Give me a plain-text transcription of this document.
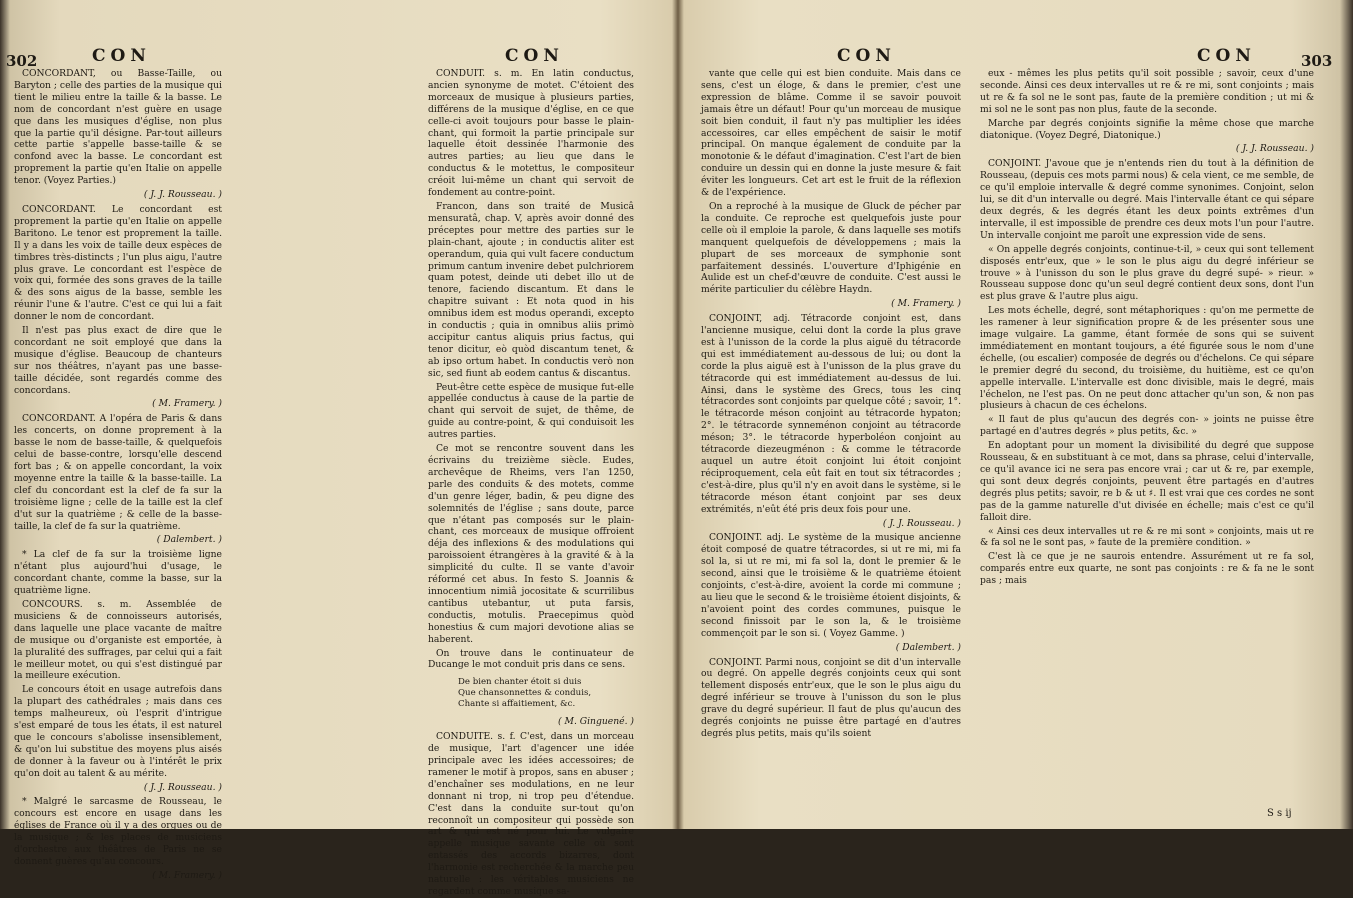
302	CON	CON

CONCORDANT, ou Basse-Taille, ou Baryton ; celle des parties de la musique qui tient le milieu entre la taille & la basse. Le nom de concordant n'est guère en usage que dans les musiques d'église, non plus que la partie qu'il désigne. Par-tout ailleurs cette partie s'appelle basse-taille & se confond avec la basse. Le concordant est proprement la partie qu'en Italie on appelle tenor. (Voyez Parties.)

( J. J. Rousseau. )

CONCORDANT. Le concordant est proprement la partie qu'en Italie on appelle Baritono. Le tenor est proprement la taille. Il y a dans les voix de taille deux espèces de timbres très-distincts ; l'un plus aigu, l'autre plus grave. Le concordant est l'espèce de voix qui, formée des sons graves de la taille & des sons aigus de la basse, semble les réunir l'une & l'autre. C'est ce qui lui a fait donner le nom de concordant.

Il n'est pas plus exact de dire que le concordant ne soit employé que dans la musique d'église. Beaucoup de chanteurs sur nos théâtres, n'ayant pas une basse-taille décidée, sont regardés comme des concordans.

( M. Framery. )

CONCORDANT. A l'opéra de Paris & dans les concerts, on donne proprement à la basse le nom de basse-taille, & quelquefois celui de basse-contre, lorsqu'elle descend fort bas ; & on appelle concordant, la voix moyenne entre la taille & la basse-taille. La clef du concordant est la clef de fa sur la troisième ligne ; celle de la taille est la clef d'ut sur la quatrième ; & celle de la basse-taille, la clef de fa sur la quatrième.

( Dalembert. )

* La clef de fa sur la troisième ligne n'étant plus aujourd'hui d'usage, le concordant chante, comme la basse, sur la quatrième ligne.

CONCOURS. s. m. Assemblée de musiciens & de connoisseurs autorisés, dans laquelle une place vacante de maître de musique ou d'organiste est emportée, à la pluralité des suffrages, par celui qui a fait le meilleur motet, ou qui s'est distingué par la meilleure exécution.

Le concours étoit en usage autrefois dans la plupart des cathédrales ; mais dans ces temps malheureux, où l'esprit d'intrigue s'est emparé de tous les états, il est naturel que le concours s'abolisse insensiblement, & qu'on lui substitue des moyens plus aisés de donner à la faveur ou à l'intérêt le prix qu'on doit au talent & au mérite.

( J. J. Rousseau. )

* Malgré le sarcasme de Rousseau, le concours est encore en usage dans les églises de France où il y a des orgues ou de la musique ; & les places de musiciens d'orchestre aux théâtres de Paris ne se donnent guères qu'au concours.

( M. Framery. )

CONDUIT. s. m. En latin conductus, ancien synonyme de motet. C'étoient des morceaux de musique à plusieurs parties, différens de la musique d'église, en ce que celle-ci avoit toujours pour basse le plain-chant, qui formoit la partie principale sur laquelle étoit dessinée l'harmonie des autres parties; au lieu que dans le conductus & le motettus, le compositeur créoit lui-même un chant qui servoit de fondement au contre-point.

Francon, dans son traité de Musicâ mensuratâ, chap. V, après avoir donné des préceptes pour mettre des parties sur le plain-chant, ajoute ; in conductis aliter est operandum, quia qui vult facere conductum primum cantum invenire debet pulchriorem quam potest, deinde uti debet illo ut de tenore, faciendo discantum. Et dans le chapitre suivant : Et nota quod in his omnibus idem est modus operandi, excepto in conductis ; quia in omnibus aliis primò accipitur cantus aliquis prius factus, qui tenor dicitur, eò quòd discantum tenet, & ab ipso ortum habet. In conductis verò non sic, sed fiunt ab eodem cantus & discantus.

Peut-être cette espèce de musique fut-elle appellée conductus à cause de la partie de chant qui servoit de sujet, de thême, de guide au contre-point, & qui conduisoit les autres parties.

Ce mot se rencontre souvent dans les écrivains du treizième siècle. Eudes, archevêque de Rheims, vers l'an 1250, parle des conduits & des motets, comme d'un genre léger, badin, & peu digne des solemnités de l'église ; sans doute, parce que n'étant pas composés sur le plain-chant, ces morceaux de musique offroient déja des inflexions & des modulations qui paroissoient étrangères à la gravité & à la simplicité du culte. Il se vante d'avoir réformé cet abus. In festo S. Joannis & innocentium nimiâ jocositate & scurrilibus cantibus utebantur, ut puta farsis, conductis, motulis. Praecepimus quòd honestius & cum majori devotione alias se haberent.

On trouve dans le continuateur de Ducange le mot conduit pris dans ce sens.

De bien chanter étoit si duis
Que chansonnettes & conduis,
Chante si affaitiement, &c.

( M. Ginguené. )

CONDUITE. s. f. C'est, dans un morceau de musique, l'art d'agencer une idée principale avec les idées accessoires; de ramener le motif à propos, sans en abuser ; d'enchaîner ses modulations, en ne leur donnant ni trop, ni trop peu d'étendue. C'est dans la conduite sur-tout qu'on reconnoît un compositeur qui possède son art & qui est né pour lui. Le vulgaire appelle musique savante celle où sont entassés des accords bizarres, dont l'harmonie est recherchée & la marche peu naturelle : les véritables musiciens ne regardent comme musique sa-

CON	CON	303

vante que celle qui est bien conduite. Mais dans ce sens, c'est un éloge, & dans le premier, c'est une expression de blâme. Comme il se savoir pouvoit jamais être un défaut! Pour qu'un morceau de musique soit bien conduit, il faut n'y pas multiplier les idées accessoires, car elles empêchent de saisir le motif principal. On manque également de conduite par la monotonie & le défaut d'imagination. C'est l'art de bien conduire un dessin qui en donne la juste mesure & fait éviter les longueurs. Cet art est le fruit de la réflexion & de l'expérience.

On a reproché à la musique de Gluck de pécher par la conduite. Ce reproche est quelquefois juste pour celle où il emploie la parole, & dans laquelle ses motifs manquent quelquefois de développemens ; mais la plupart de ses morceaux de symphonie sont parfaitement dessinés. L'ouverture d'Iphigénie en Aulide est un chef-d'œuvre de conduite. C'est aussi le mérite particulier du célèbre Haydn.

( M. Framery. )

CONJOINT, adj. Tétracorde conjoint est, dans l'ancienne musique, celui dont la corde la plus grave est à l'unisson de la corde la plus aiguë du tétracorde qui est immédiatement au-dessous de lui; ou dont la corde la plus aiguë est à l'unisson de la plus grave du tétracorde qui est immédiatement au-dessus de lui. Ainsi, dans le système des Grecs, tous les cinq tétracordes sont conjoints par quelque côté ; savoir, 1°. le tétracorde méson conjoint au tétracorde hypaton; 2°. le tétracorde synneménon conjoint au tétracorde méson; 3°. le tétracorde hyperboléon conjoint au tétracorde diezeugménon : & comme le tétracorde auquel un autre étoit conjoint lui étoit conjoint réciproquement, cela eût fait en tout six tétracordes ; c'est-à-dire, plus qu'il n'y en avoit dans le système, si le tétracorde méson étant conjoint par ses deux extrémités, n'eût été pris deux fois pour une.

( J. J. Rousseau. )

CONJOINT. adj. Le système de la musique ancienne étoit composé de quatre tétracordes, si ut re mi, mi fa sol la, si ut re mi, mi fa sol la, dont le premier & le second, ainsi que le troisième & le quatrième étoient conjoints, c'est-à-dire, avoient la corde mi commune ; au lieu que le second & le troisième étoient disjoints, & n'avoient point des cordes communes, puisque le second finissoit par le son la, & le troisième commençoit par le son si. ( Voyez Gamme. )

( Dalembert. )

CONJOINT. Parmi nous, conjoint se dit d'un intervalle ou degré. On appelle degrés conjoints ceux qui sont tellement disposés entr'eux, que le son le plus aigu du degré inférieur se trouve à l'unisson du son le plus grave du degré supérieur. Il faut de plus qu'aucun des degrés conjoints ne puisse être partagé en d'autres degrés plus petits, mais qu'ils soient

eux - mêmes les plus petits qu'il soit possible ; savoir, ceux d'une seconde. Ainsi ces deux intervalles ut re & re mi, sont conjoints ; mais ut re & fa sol ne le sont pas, faute de la première condition ; ut mi & mi sol ne le sont pas non plus, faute de la seconde.

Marche par degrés conjoints signifie la même chose que marche diatonique. (Voyez Degré, Diatonique.)

( J. J. Rousseau. )

CONJOINT. J'avoue que je n'entends rien du tout à la définition de Rousseau, (depuis ces mots parmi nous) & cela vient, ce me semble, de ce qu'il emploie intervalle & degré comme synonimes. Conjoint, selon lui, se dit d'un intervalle ou degré. Mais l'intervalle étant ce qui sépare deux degrés, & les degrés étant les deux points extrêmes d'un intervalle, il est impossible de prendre ces deux mots l'un pour l'autre. Un intervalle conjoint me paroît une expression vide de sens.

« On appelle degrés conjoints, continue-t-il, » ceux qui sont tellement disposés entr'eux, que » le son le plus aigu du degré inférieur se trouve » à l'unisson du son le plus grave du degré supé- » rieur. » Rousseau suppose donc qu'un seul degré contient deux sons, dont l'un est plus grave & l'autre plus aigu.

Les mots échelle, degré, sont métaphoriques : qu'on me permette de les ramener à leur signification propre & de les présenter sous une image vulgaire. La gamme, étant formée de sons qui se suivent immédiatement en montant toujours, a été figurée sous le nom d'une échelle, (ou escalier) composée de degrés ou d'échelons. Ce qui sépare le premier degré du second, du troisième, du huitième, est ce qu'on appelle intervalle. L'intervalle est donc divisible, mais le degré, mais l'échelon, ne l'est pas. On ne peut donc attacher qu'un son, & non pas plusieurs à chacun de ces échelons.

« Il faut de plus qu'aucun des degrés con- » joints ne puisse être partagé en d'autres degrés » plus petits, &c. »

En adoptant pour un moment la divisibilité du degré que suppose Rousseau, & en substituant à ce mot, dans sa phrase, celui d'intervalle, ce qu'il avance ici ne sera pas encore vrai ; car ut & re, par exemple, qui sont deux degrés conjoints, peuvent être partagés en d'autres degrés plus petits; savoir, re b & ut ♯. Il est vrai que ces cordes ne sont pas de la gamme naturelle d'ut divisée en échelle; mais c'est ce qu'il falloit dire.

« Ainsi ces deux intervalles ut re & re mi sont » conjoints, mais ut re & fa sol ne le sont pas, » faute de la première condition. »

C'est là ce que je ne saurois entendre. Assurément ut re fa sol, comparés entre eux quarte, ne sont pas conjoints : re & fa ne le sont pas ; mais

S s ij
